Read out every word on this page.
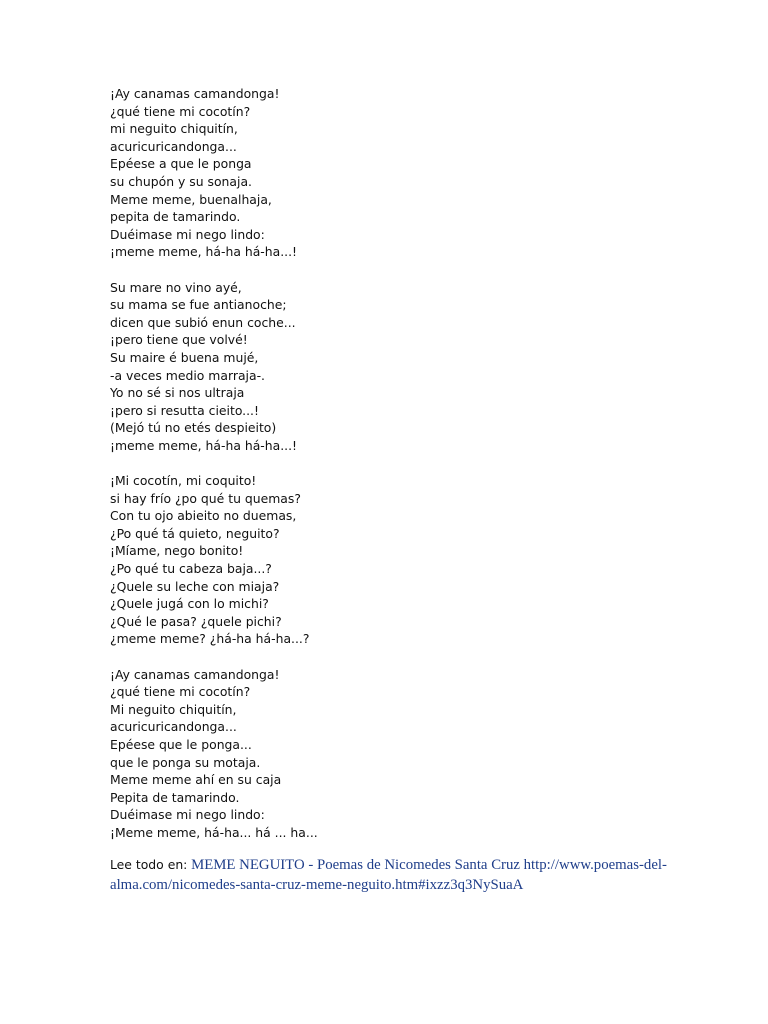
¡Ay canamas camandonga!
¿qué tiene mi cocotín?
mi neguito chiquitín,
acuricuricandonga...
Epéese a que le ponga
su chupón y su sonaja.
Meme meme, buenalhaja,
pepita de tamarindo.
Duéimase mi nego lindo:
¡meme meme, há-ha há-ha...!
Su mare no vino ayé,
su mama se fue antianoche;
dicen que subió enun coche...
¡pero tiene que volvé!
Su maire é buena mujé,
-a veces medio marraja-.
Yo no sé si nos ultraja
¡pero si resutta cieito...!
(Mejó tú no etés despieito)
¡meme meme, há-ha há-ha...!
¡Mi cocotín, mi coquito!
si hay frío ¿po qué tu quemas?
Con tu ojo abieito no duemas,
¿Po qué tá quieto, neguito?
¡Míame, nego bonito!
¿Po qué tu cabeza baja...?
¿Quele su leche con miaja?
¿Quele jugá con lo michi?
¿Qué le pasa? ¿quele pichi?
¿meme meme? ¿há-ha há-ha...?
¡Ay canamas camandonga!
¿qué tiene mi cocotín?
Mi neguito chiquitín,
acuricuricandonga...
Epéese que le ponga...
que le ponga su motaja.
Meme meme ahí en su caja
Pepita de tamarindo.
Duéimase mi nego lindo:
¡Meme meme, há-ha... há ... ha...
Lee todo en: MEME NEGUITO - Poemas de Nicomedes Santa Cruz http://www.poemas-del-alma.com/nicomedes-santa-cruz-meme-neguito.htm#ixzz3q3NySuaA
